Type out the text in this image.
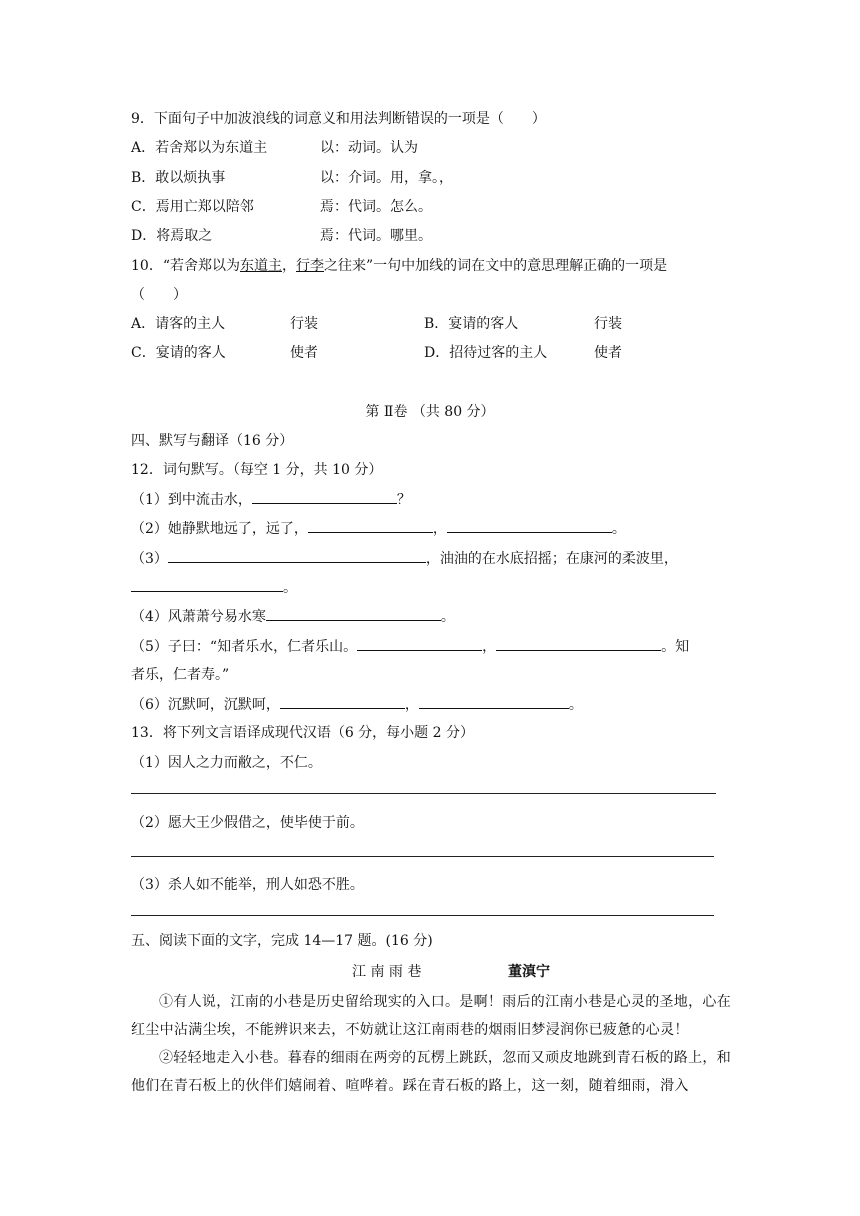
9．下面句子中加波浪线的词意义和用法判断错误的一项是（　　）
A．若舍郑以为东道主	以：动词。认为
B．敢以烦执事	以：介词。用，拿。，
C．焉用亡郑以陪邻	焉：代词。怎么。
D．将焉取之	焉：代词。哪里。
10．“若舍郑以为东道主，行李之往来”一句中加线的词在文中的意思理解正确的一项是
（　　）
A．请客的主人	行装	B．宴请的客人	行装
C．宴请的客人	使者	D．招待过客的主人	使者
第 Ⅱ卷 （共 80 分）
四、默写与翻译（16 分）
12．词句默写。（每空 1 分，共 10 分）
（1）到中流击水，	？
（2）她静默地远了，远了，	，	。
（3）	，油油的在水底招摇；在康河的柔波里，
。
（4）风萧萧兮易水寒	。
（5）子曰：“知者乐水，仁者乐山。	，	。知
者乐，仁者寿。”
（6）沉默呵，沉默呵，	，	。
13．将下列文言语译成现代汉语（6 分，每小题 2 分）
（1）因人之力而敝之，不仁。
（2）愿大王少假借之，使毕使于前。
（3）杀人如不能举，刑人如恐不胜。
五、阅读下面的文字，完成 14—17 题。(16 分)
江 南 雨 巷	董滇宁
①有人说，江南的小巷是历史留给现实的入口。是啊！雨后的江南小巷是心灵的圣地，心在红尘中沾满尘埃，不能辨识来去，不妨就让这江南雨巷的烟雨旧梦浸润你已疲惫的心灵！
②轻轻地走入小巷。暮春的细雨在两旁的瓦楞上跳跃，忽而又顽皮地跳到青石板的路上，和他们在青石板上的伙伴们嬉闹着、喧哗着。踩在青石板的路上，这一刻，随着细雨，滑入
